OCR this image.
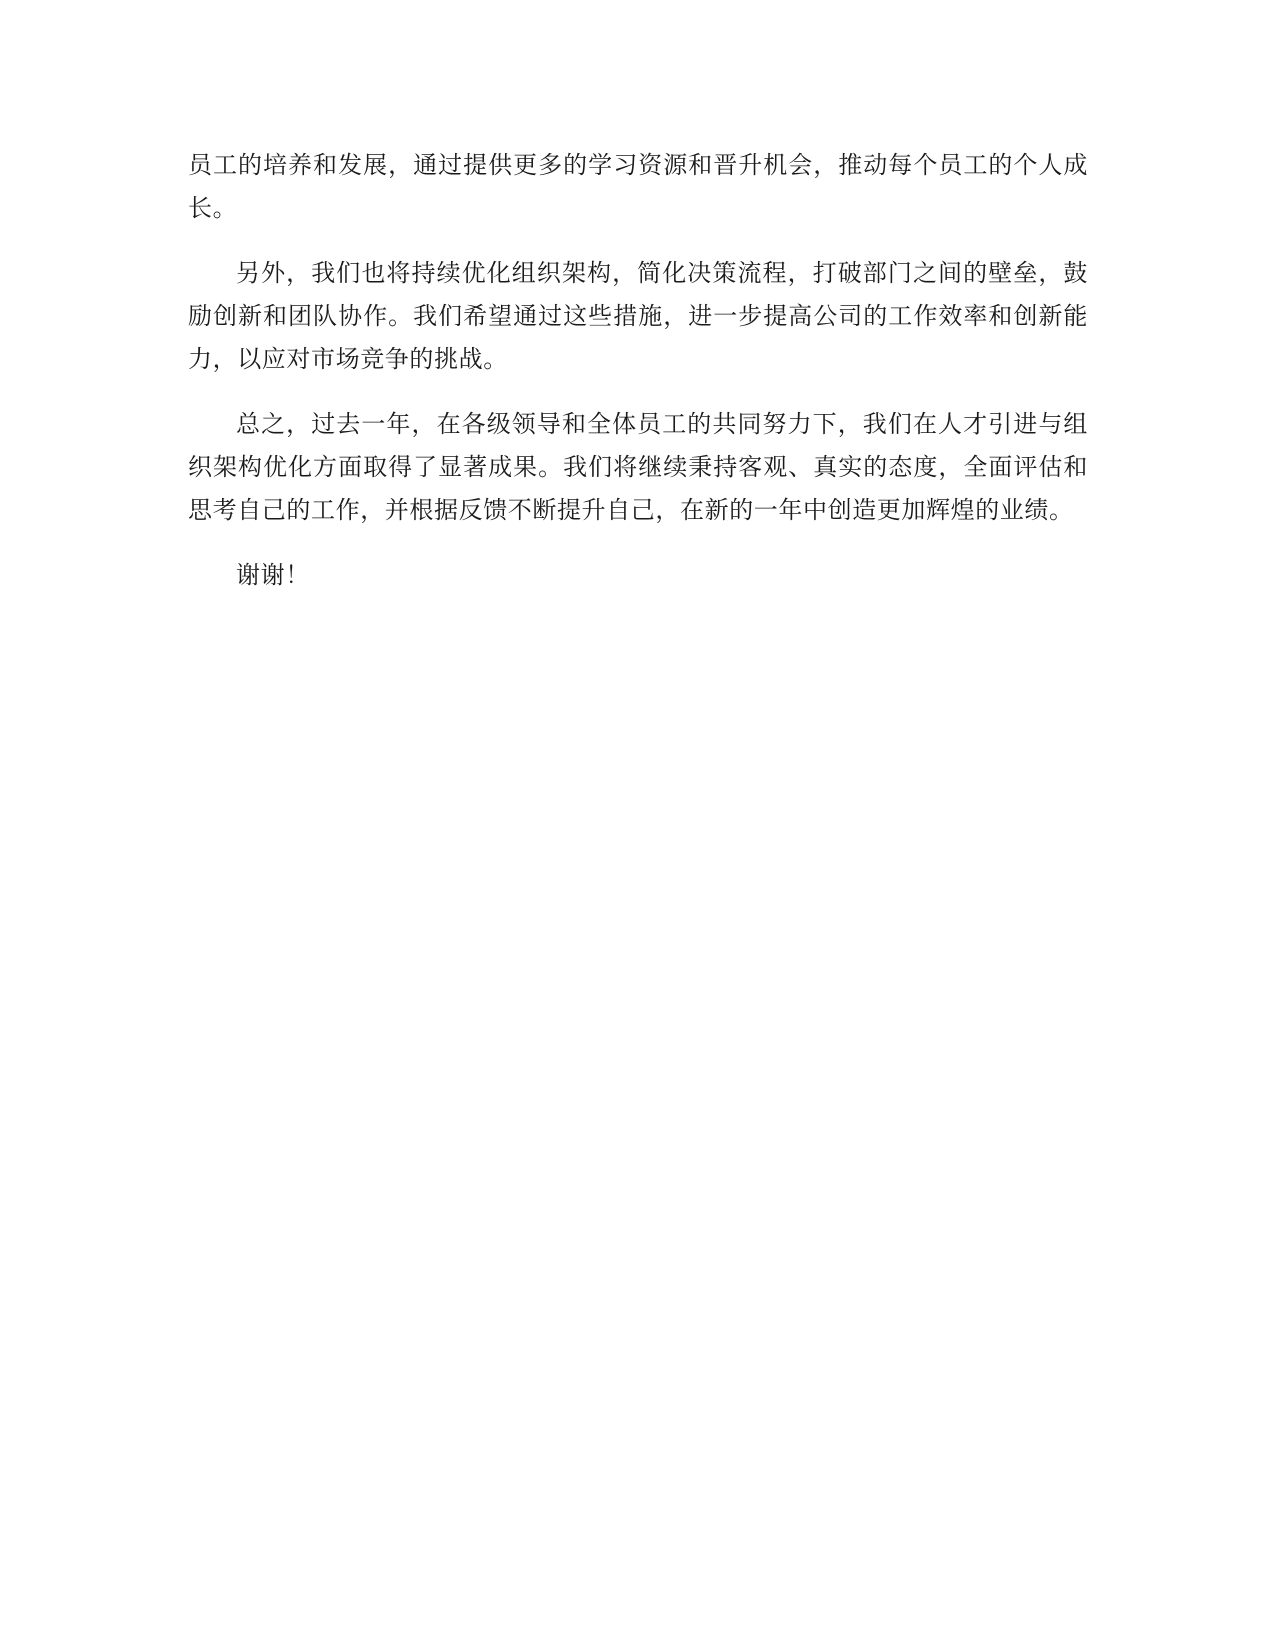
员工的培养和发展，通过提供更多的学习资源和晋升机会，推动每个员工的个人成长。

另外，我们也将持续优化组织架构，简化决策流程，打破部门之间的壁垒，鼓励创新和团队协作。我们希望通过这些措施，进一步提高公司的工作效率和创新能力，以应对市场竞争的挑战。

总之，过去一年，在各级领导和全体员工的共同努力下，我们在人才引进与组织架构优化方面取得了显著成果。我们将继续秉持客观、真实的态度，全面评估和思考自己的工作，并根据反馈不断提升自己，在新的一年中创造更加辉煌的业绩。

谢谢！
